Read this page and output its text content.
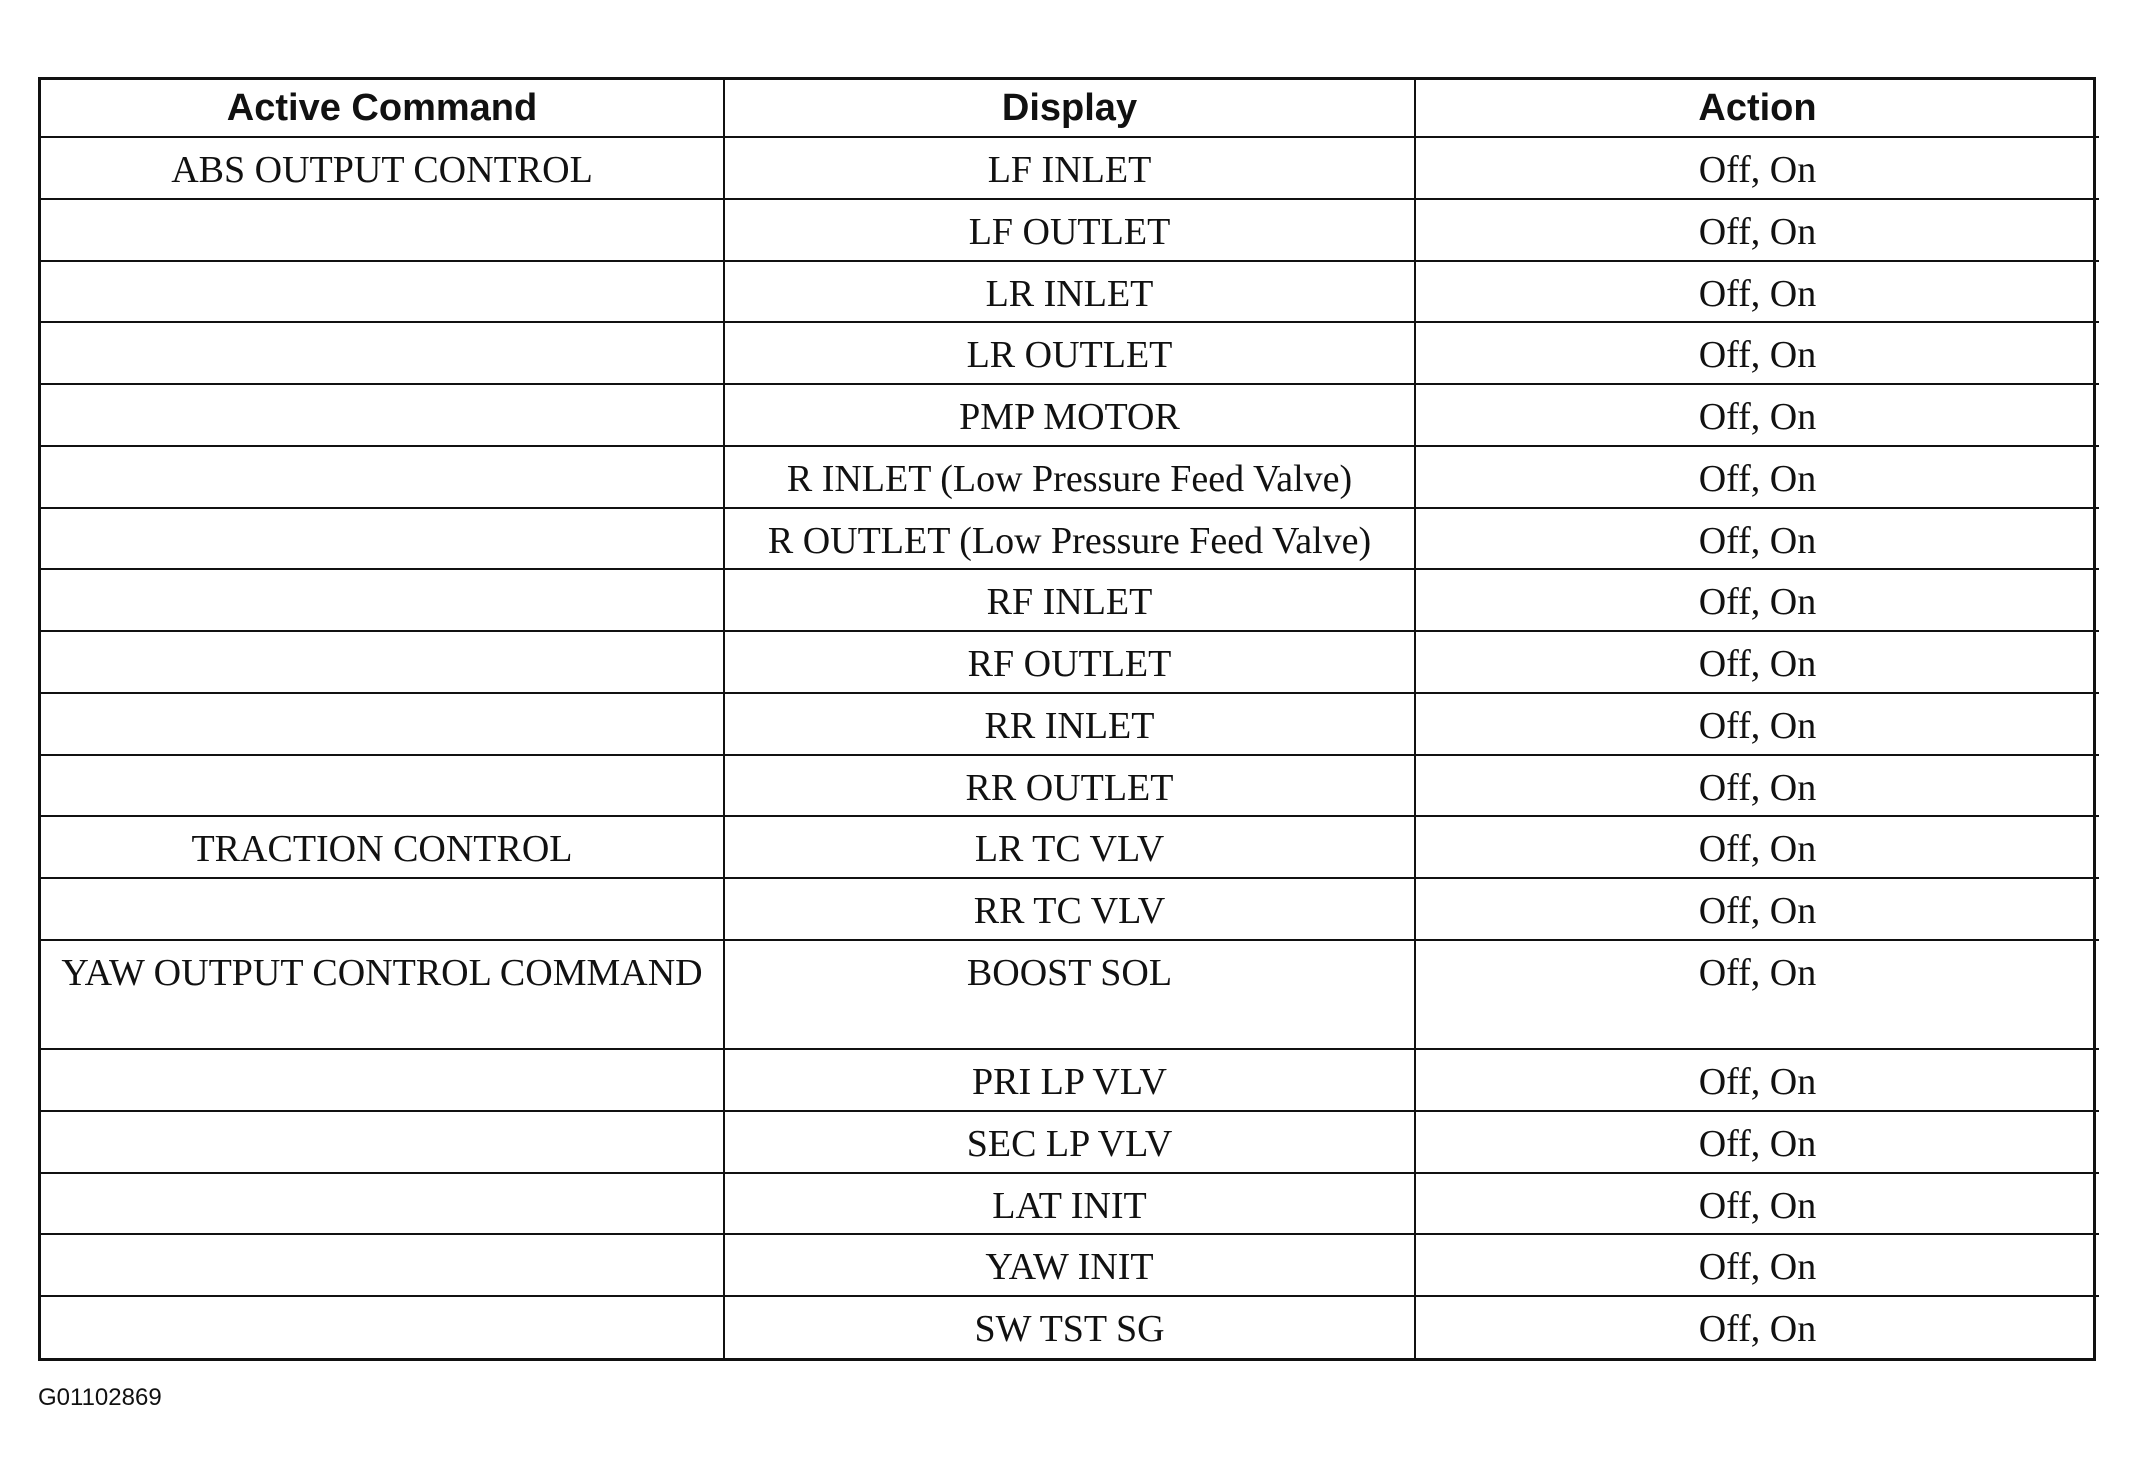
Active Command	Display	Action
ABS OUTPUT CONTROL	LF INLET	Off, On
	LF OUTLET	Off, On
	LR INLET	Off, On
	LR OUTLET	Off, On
	PMP MOTOR	Off, On
	R INLET (Low Pressure Feed Valve)	Off, On
	R OUTLET (Low Pressure Feed Valve)	Off, On
	RF INLET	Off, On
	RF OUTLET	Off, On
	RR INLET	Off, On
	RR OUTLET	Off, On
TRACTION CONTROL	LR TC VLV	Off, On
	RR TC VLV	Off, On
YAW OUTPUT CONTROL COMMAND	BOOST SOL	Off, On
	PRI LP VLV	Off, On
	SEC LP VLV	Off, On
	LAT INIT	Off, On
	YAW INIT	Off, On
	SW TST SG	Off, On
G01102869
